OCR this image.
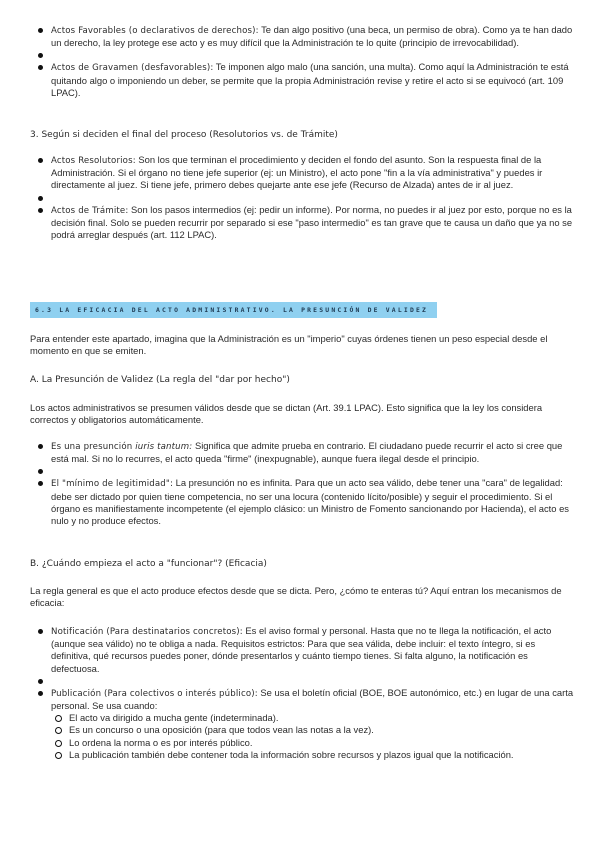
Actos Favorables (o declarativos de derechos): Te dan algo positivo (una beca, un permiso de obra). Como ya te han dado un derecho, la ley protege ese acto y es muy difícil que la Administración te lo quite (principio de irrevocabilidad).
Actos de Gravamen (desfavorables): Te imponen algo malo (una sanción, una multa). Como aquí la Administración te está quitando algo o imponiendo un deber, se permite que la propia Administración revise y retire el acto si se equivocó (art. 109 LPAC).
3. Según si deciden el final del proceso (Resolutorios vs. de Trámite)
Actos Resolutorios: Son los que terminan el procedimiento y deciden el fondo del asunto. Son la respuesta final de la Administración. Si el órgano no tiene jefe superior (ej: un Ministro), el acto pone "fin a la vía administrativa" y puedes ir directamente al juez. Si tiene jefe, primero debes quejarte ante ese jefe (Recurso de Alzada) antes de ir al juez.
Actos de Trámite: Son los pasos intermedios (ej: pedir un informe). Por norma, no puedes ir al juez por esto, porque no es la decisión final. Solo se pueden recurrir por separado si ese "paso intermedio" es tan grave que te causa un daño que ya no se podrá arreglar después (art. 112 LPAC).
6.3 LA EFICACIA DEL ACTO ADMINISTRATIVO. LA PRESUNCIÓN DE VALIDEZ
Para entender este apartado, imagina que la Administración es un "imperio" cuyas órdenes tienen un peso especial desde el momento en que se emiten.
A. La Presunción de Validez (La regla del "dar por hecho")
Los actos administrativos se presumen válidos desde que se dictan (Art. 39.1 LPAC). Esto significa que la ley los considera correctos y obligatorios automáticamente.
Es una presunción iuris tantum: Significa que admite prueba en contrario. El ciudadano puede recurrir el acto si cree que está mal. Si no lo recurres, el acto queda "firme" (inexpugnable), aunque fuera ilegal desde el principio.
El "mínimo de legitimidad": La presunción no es infinita. Para que un acto sea válido, debe tener una "cara" de legalidad: debe ser dictado por quien tiene competencia, no ser una locura (contenido lícito/posible) y seguir el procedimiento. Si el órgano es manifiestamente incompetente (el ejemplo clásico: un Ministro de Fomento sancionando por Hacienda), el acto es nulo y no produce efectos.
B. ¿Cuándo empieza el acto a "funcionar"? (Eficacia)
La regla general es que el acto produce efectos desde que se dicta. Pero, ¿cómo te enteras tú? Aquí entran los mecanismos de eficacia:
Notificación (Para destinatarios concretos): Es el aviso formal y personal. Hasta que no te llega la notificación, el acto (aunque sea válido) no te obliga a nada. Requisitos estrictos: Para que sea válida, debe incluir: el texto íntegro, si es definitiva, qué recursos puedes poner, dónde presentarlos y cuánto tiempo tienes. Si falta alguno, la notificación es defectuosa.
Publicación (Para colectivos o interés público): Se usa el boletín oficial (BOE, BOE autonómico, etc.) en lugar de una carta personal. Se usa cuando:
El acto va dirigido a mucha gente (indeterminada).
Es un concurso o una oposición (para que todos vean las notas a la vez).
Lo ordena la norma o es por interés público.
La publicación también debe contener toda la información sobre recursos y plazos igual que la notificación.
